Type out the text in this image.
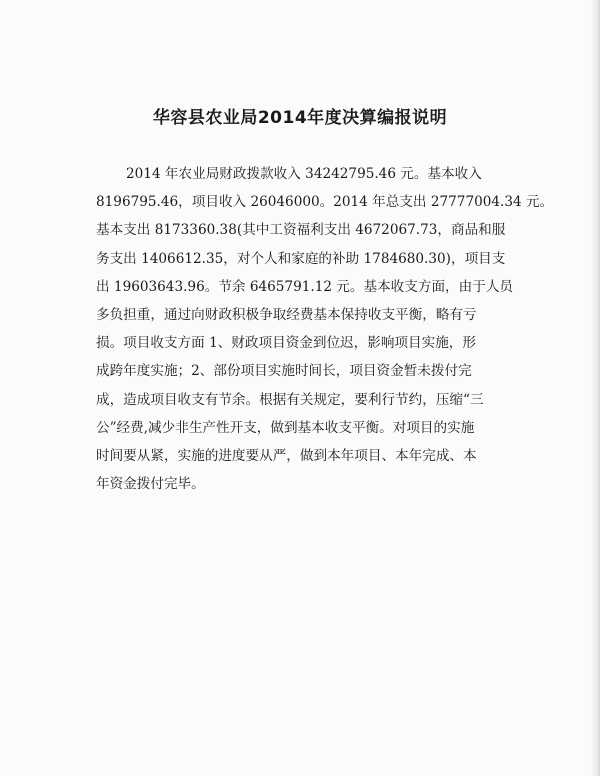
华容县农业局2014年度决算编报说明
2014 年农业局财政拨款收入 34242795.46 元。基本收入
8196795.46，项目收入 26046000。2014 年总支出 27777004.34 元。
基本支出 8173360.38(其中工资福利支出 4672067.73，商品和服
务支出 1406612.35，对个人和家庭的补助 1784680.30)，项目支
出 19603643.96。节余 6465791.12 元。基本收支方面，由于人员
多负担重，通过向财政积极争取经费基本保持收支平衡，略有亏
损。项目收支方面 1、财政项目资金到位迟，影响项目实施，形
成跨年度实施；2、部份项目实施时间长，项目资金暂未拨付完
成，造成项目收支有节余。根据有关规定，要利行节约，压缩“三
公”经费,减少非生产性开支，做到基本收支平衡。对项目的实施
时间要从紧，实施的进度要从严，做到本年项目、本年完成、本
年资金拨付完毕。
